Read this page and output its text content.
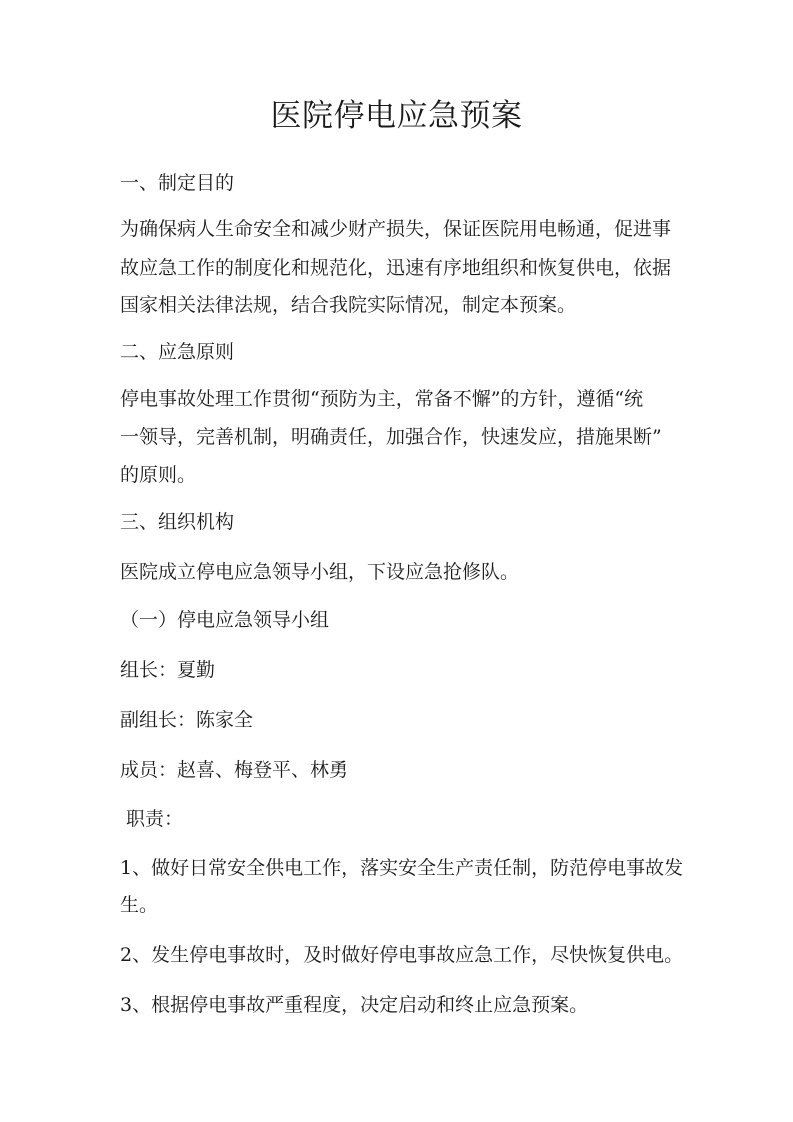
医院停电应急预案

一、制定目的

为确保病人生命安全和减少财产损失，保证医院用电畅通，促进事

故应急工作的制度化和规范化，迅速有序地组织和恢复供电，依据

国家相关法律法规，结合我院实际情况，制定本预案。

二、应急原则

停电事故处理工作贯彻“预防为主，常备不懈”的方针，遵循“统

一领导，完善机制，明确责任，加强合作，快速发应，措施果断”

的原则。

三、组织机构

医院成立停电应急领导小组，下设应急抢修队。

（一）停电应急领导小组

组长：夏勤

副组长：陈家全

成员：赵喜、梅登平、林勇

职责：

1、做好日常安全供电工作，落实安全生产责任制，防范停电事故发

生。

2、发生停电事故时，及时做好停电事故应急工作，尽快恢复供电。

3、根据停电事故严重程度，决定启动和终止应急预案。
